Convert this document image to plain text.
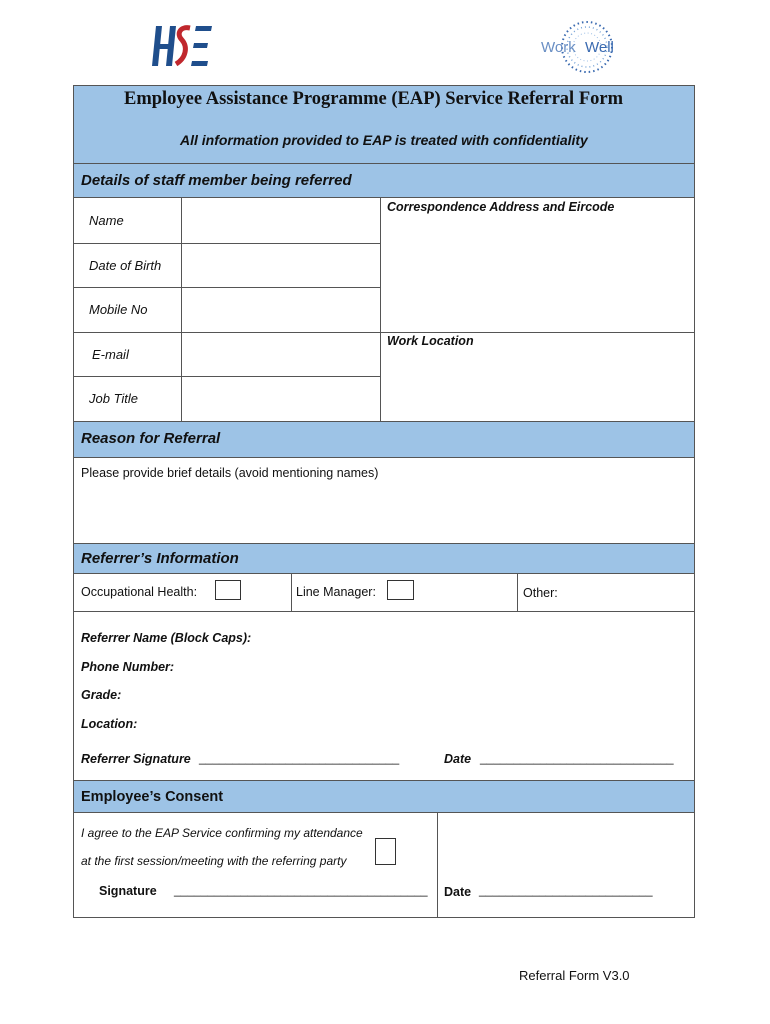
Work Well
Employee Assistance Programme (EAP) Service Referral Form
All information provided to EAP is treated with confidentiality
Details of staff member being referred
Name
Date of Birth
Mobile No
E-mail
Job Title
Correspondence Address and Eircode
Work Location
Reason for Referral
Please provide brief details (avoid mentioning names)
Referrer’s Information
Occupational Health:	Line Manager:	Other:
Referrer Name (Block Caps):
Phone Number:
Grade:
Location:
Referrer Signature ______________________________	Date _____________________________
Employee’s Consent
I agree to the EAP Service confirming my attendance
at the first session/meeting with the referring party
Signature ______________________________________ Date __________________________
Referral Form V3.0
